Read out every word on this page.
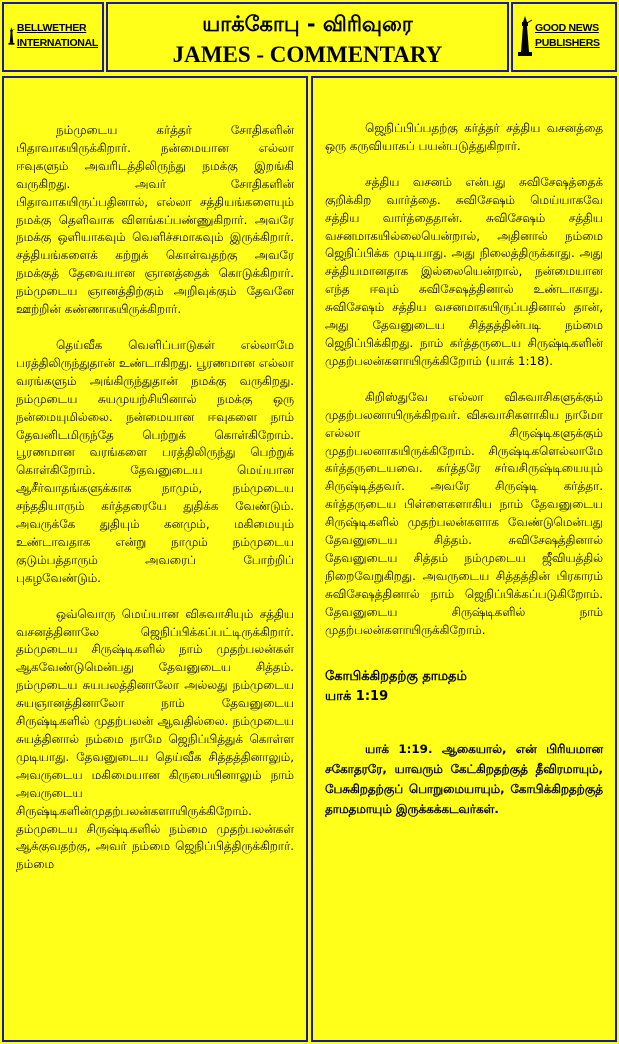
BELLWETHER
INTERNATIONAL
யாக்கோபு - விரிவுரை
JAMES - COMMENTARY
GOOD NEWS
PUBLISHERS

நம்முடைய கர்த்தர் சோதிகளின் பிதாவாகயிருக்கிறார். நன்மையான எல்லா ஈவுகளும் அவரிடத்திலிருந்து நமக்கு இறங்கி வருகிறது. அவர் சோதிகளின் பிதாவாகயிருப்பதினால், எல்லா சத்தியங்களையும் நமக்கு தெளிவாக விளங்கப்பண்ணுகிறார். அவரே நமக்கு ஒளியாகவும் வெளிச்சமாகவும் இருக்கிறார். சத்தியங்களைக் கற்றுக் கொள்வதற்கு அவரே நமக்குத் தேவையான ஞானத்தைக் கொடுக்கிறார். நம்முடைய ஞானத்திற்கும் அறிவுக்கும் தேவனே ஊற்றின் கண்ணாகயிருக்கிறார்.

தெய்வீக வெளிப்பாடுகள் எல்லாமே பரத்திலிருந்துதான் உண்டாகிறது. பூரணமான எல்லா வரங்களும் அங்கிருந்துதான் நமக்கு வருகிறது. நம்முடைய சுயமுயற்சியினால் நமக்கு ஒரு நன்மையுமில்லை. நன்மையான ஈவுகளை நாம் தேவனிடமிருந்தே பெற்றுக் கொள்கிறோம். பூரணமான வரங்களை பரத்திலிருந்து பெற்றுக் கொள்கிறோம். தேவனுடைய மெய்யான ஆசீர்வாதங்களுக்காக நாமும், நம்முடைய சந்ததியாரும் கர்த்தரையே துதிக்க வேண்டும். அவருக்கே துதியும் கனமும், மகிமையும் உண்டாவதாக என்று நாமும் நம்முடைய குடும்பத்தாரும் அவரைப் போற்றிப் புகழவேண்டும்.

ஒவ்வொரு மெய்யான விசுவாசியும் சத்திய வசனத்தினாலே ஜெநிப்பிக்கப்பட்டிருக்கிறார். தம்முடைய சிருஷ்டிகளில் நாம் முதற்பலன்கள் ஆகவேண்டுமென்பது தேவனுடைய சித்தம். நம்முடைய சுயபலத்தினாலோ அல்லது நம்முடைய சுயஞானத்தினாலோ நாம் தேவனுடைய சிருஷ்டிகளில் முதற்பலன் ஆவதில்லை. நம்முடைய சுயத்தினால் நம்மை நாமே ஜெநிப்பித்துக் கொள்ள முடியாது. தேவனுடைய தெய்வீக சித்தத்தினாலும், அவருடைய மகிமையான கிருபையினாலும் நாம் அவருடைய சிருஷ்டிகளின்முதற்பலன்களாயிருக்கிறோம். தம்முடைய சிருஷ்டிகளில் நம்மை முதற்பலன்கள் ஆக்குவதற்கு, அவர் நம்மை ஜெநிப்பித்திருக்கிறார். நம்மை

ஜெநிப்பிப்பதற்கு கர்த்தர் சத்திய வசனத்தை ஒரு கருவியாகப் பயன்படுத்துகிறார்.

சத்திய வசனம் என்பது சுவிசேஷத்தைக் குறிக்கிற வார்த்தை. சுவிசேஷம் மெய்யாகவே சத்திய வார்த்தைதான். சுவிசேஷம் சத்திய வசனமாகயில்லையென்றால், அதினால் நம்மை ஜெநிப்பிக்க முடியாது. அது நிலைத்திருக்காது. அது சத்தியமானதாக இல்லையென்றால், நன்மையான எந்த ஈவும் சுவிசேஷத்தினால் உண்டாகாது. சுவிசேஷம் சத்திய வசனமாகயிருப்பதினால் தான், அது தேவனுடைய சித்தத்தின்படி நம்மை ஜெநிப்பிக்கிறது. நாம் கர்த்தருடைய சிருஷ்டிகளின் முதற்பலன்களாயிருக்கிறோம் (யாக் 1:18).

கிறிஸ்துவே எல்லா விசுவாசிகளுக்கும் முதற்பலனாயிருக்கிறவர். விசுவாசிகளாகிய நாமோ எல்லா சிருஷ்டிகளுக்கும் முதற்பலனாகயிருக்கிறோம். சிருஷ்டிகளெல்லாமே கர்த்தருடையவை. கர்த்தரே சர்வசிருஷ்டியையும் சிருஷ்டித்தவர். அவரே சிருஷ்டி கர்த்தா. கர்த்தருடைய பிள்ளைகளாகிய நாம் தேவனுடைய சிருஷ்டிகளில் முதற்பலன்களாக வேண்டுமென்பது தேவனுடைய சித்தம். சுவிசேஷத்தினால் தேவனுடைய சித்தம் நம்முடைய ஜீவியத்தில் நிறைவேறுகிறது. அவருடைய சித்தத்தின் பிரகாரம் சுவிசேஷத்தினால் நாம் ஜெநிப்பிக்கப்படுகிறோம். தேவனுடைய சிருஷ்டிகளில் நாம் முதற்பலன்களாயிருக்கிறோம்.

கோபிக்கிறதற்கு தாமதம்
யாக் 1:19

யாக் 1:19. ஆகையால், என் பிரியமான சகோதரரே, யாவரும் கேட்கிறதற்குத் தீவிரமாயும், பேசுகிறதற்குப் பொறுமையாயும், கோபிக்கிறதற்குத் தாமதமாயும் இருக்கக்கடவர்கள்.
